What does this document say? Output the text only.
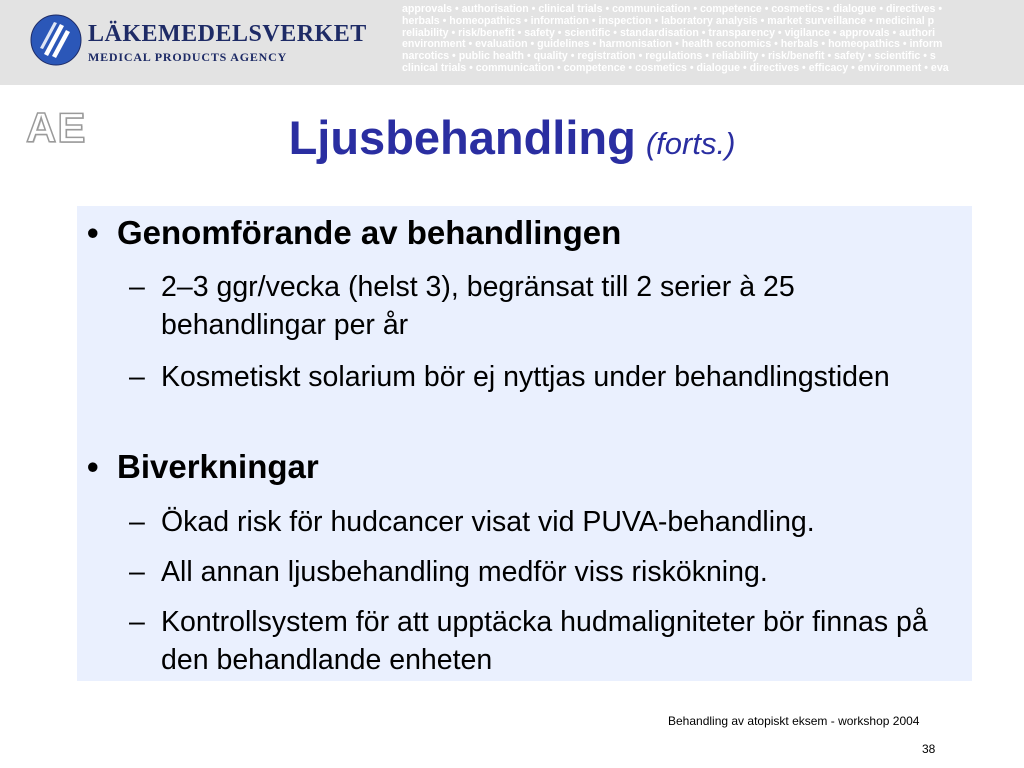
LÄKEMEDELSVERKET
MEDICAL PRODUCTS AGENCY
approvals • authorisation • clinical trials • communication • competence • cosmetics • dialogue • directives •
herbals • homeopathics • information • inspection • laboratory analysis • market surveillance • medicinal p
reliability • risk/benefit • safety • scientific • standardisation • transparency • vigilance • approvals • authori
environment • evaluation • guidelines • harmonisation • health economics • herbals • homeopathics • inform
narcotics • public health • quality • registration • regulations • reliability • risk/benefit • safety • scientific • s
clinical trials • communication • competence • cosmetics • dialogue • directives • efficacy • environment • eva
AE	Ljusbehandling (forts.)
• Genomförande av behandlingen
– 2–3 ggr/vecka (helst 3), begränsat till 2 serier à 25 behandlingar per år
– Kosmetiskt solarium bör ej nyttjas under behandlingstiden
• Biverkningar
– Ökad risk för hudcancer visat vid PUVA-behandling.
– All annan ljusbehandling medför viss riskökning.
– Kontrollsystem för att upptäcka hudmaligniteter bör finnas på den behandlande enheten
Behandling av atopiskt eksem - workshop 2004
38
